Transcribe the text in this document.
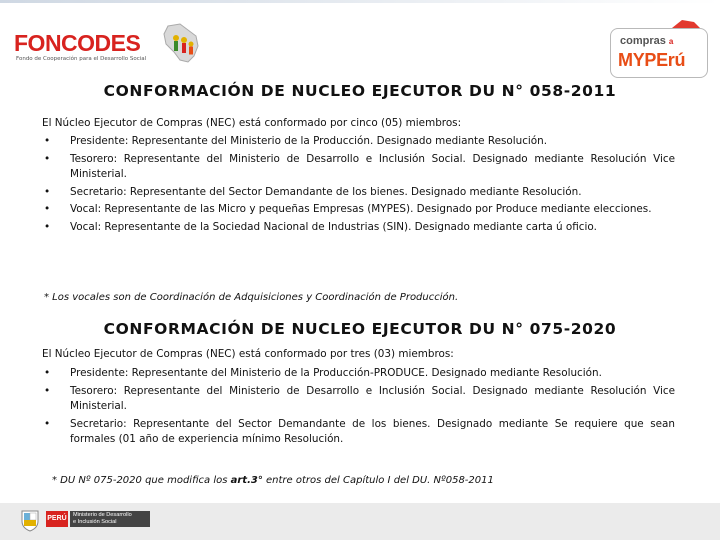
FONCODES
Fondo de Cooperación para el Desarrollo Social
compras a
MYPErú
CONFORMACIÓN DE NUCLEO EJECUTOR DU N° 058-2011
El Núcleo Ejecutor de Compras (NEC) está conformado por cinco (05) miembros:
• Presidente: Representante del Ministerio de la Producción. Designado mediante Resolución.
• Tesorero: Representante del Ministerio de Desarrollo e Inclusión Social. Designado mediante Resolución Vice Ministerial.
• Secretario: Representante del Sector Demandante de los bienes. Designado mediante Resolución.
• Vocal: Representante de las Micro y pequeñas Empresas (MYPES). Designado por Produce mediante elecciones.
• Vocal: Representante de la Sociedad Nacional de Industrias (SIN). Designado mediante carta ú oficio.
* Los vocales son de Coordinación de Adquisiciones y Coordinación de Producción.
CONFORMACIÓN DE NUCLEO EJECUTOR DU N° 075-2020
El Núcleo Ejecutor de Compras (NEC) está conformado por tres (03) miembros:
• Presidente: Representante del Ministerio de la Producción-PRODUCE. Designado mediante Resolución.
• Tesorero: Representante del Ministerio de Desarrollo e Inclusión Social. Designado mediante Resolución Vice Ministerial.
• Secretario: Representante del Sector Demandante de los bienes. Designado mediante Se requiere que sean formales (01 año de experiencia mínimo Resolución.
* DU Nº 075-2020 que modifica los art.3° entre otros del Capítulo I del DU. Nº058-2011
PERÚ	Ministerio de Desarrollo
e Inclusión Social
